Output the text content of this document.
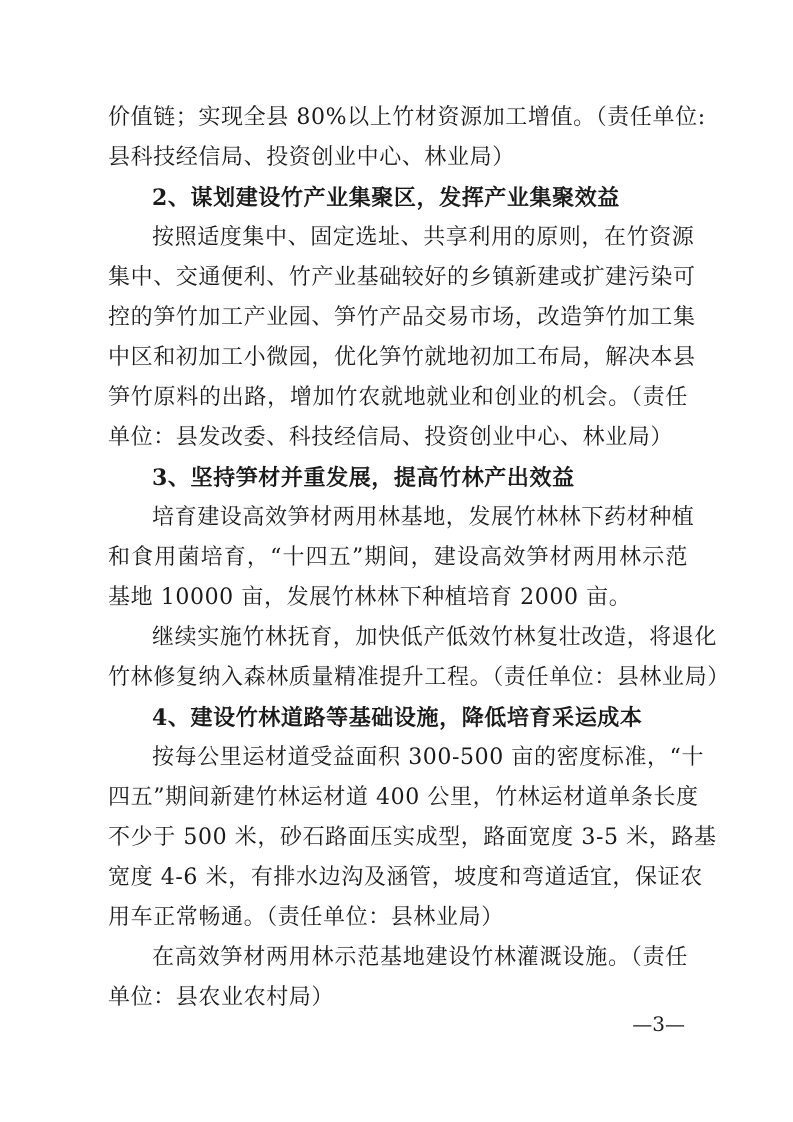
价值链；实现全县 80%以上竹材资源加工增值。（责任单位:
县科技经信局、投资创业中心、林业局）
2、谋划建设竹产业集聚区，发挥产业集聚效益
按照适度集中、固定选址、共享利用的原则，在竹资源
集中、交通便利、竹产业基础较好的乡镇新建或扩建污染可
控的笋竹加工产业园、笋竹产品交易市场，改造笋竹加工集
中区和初加工小微园，优化笋竹就地初加工布局，解决本县
笋竹原料的出路，增加竹农就地就业和创业的机会。（责任
单位：县发改委、科技经信局、投资创业中心、林业局）
3、坚持笋材并重发展，提高竹林产出效益
培育建设高效笋材两用林基地，发展竹林林下药材种植
和食用菌培育，“十四五”期间，建设高效笋材两用林示范
基地 10000 亩，发展竹林林下种植培育 2000 亩。
继续实施竹林抚育，加快低产低效竹林复壮改造，将退化
竹林修复纳入森林质量精准提升工程。（责任单位：县林业局）
4、建设竹林道路等基础设施，降低培育采运成本
按每公里运材道受益面积 300-500 亩的密度标准，“十
四五”期间新建竹林运材道 400 公里，竹林运材道单条长度
不少于 500 米，砂石路面压实成型，路面宽度 3-5 米，路基
宽度 4-6 米，有排水边沟及涵管，坡度和弯道适宜，保证农
用车正常畅通。（责任单位：县林业局）
在高效笋材两用林示范基地建设竹林灌溉设施。（责任
单位：县农业农村局）
—3—
